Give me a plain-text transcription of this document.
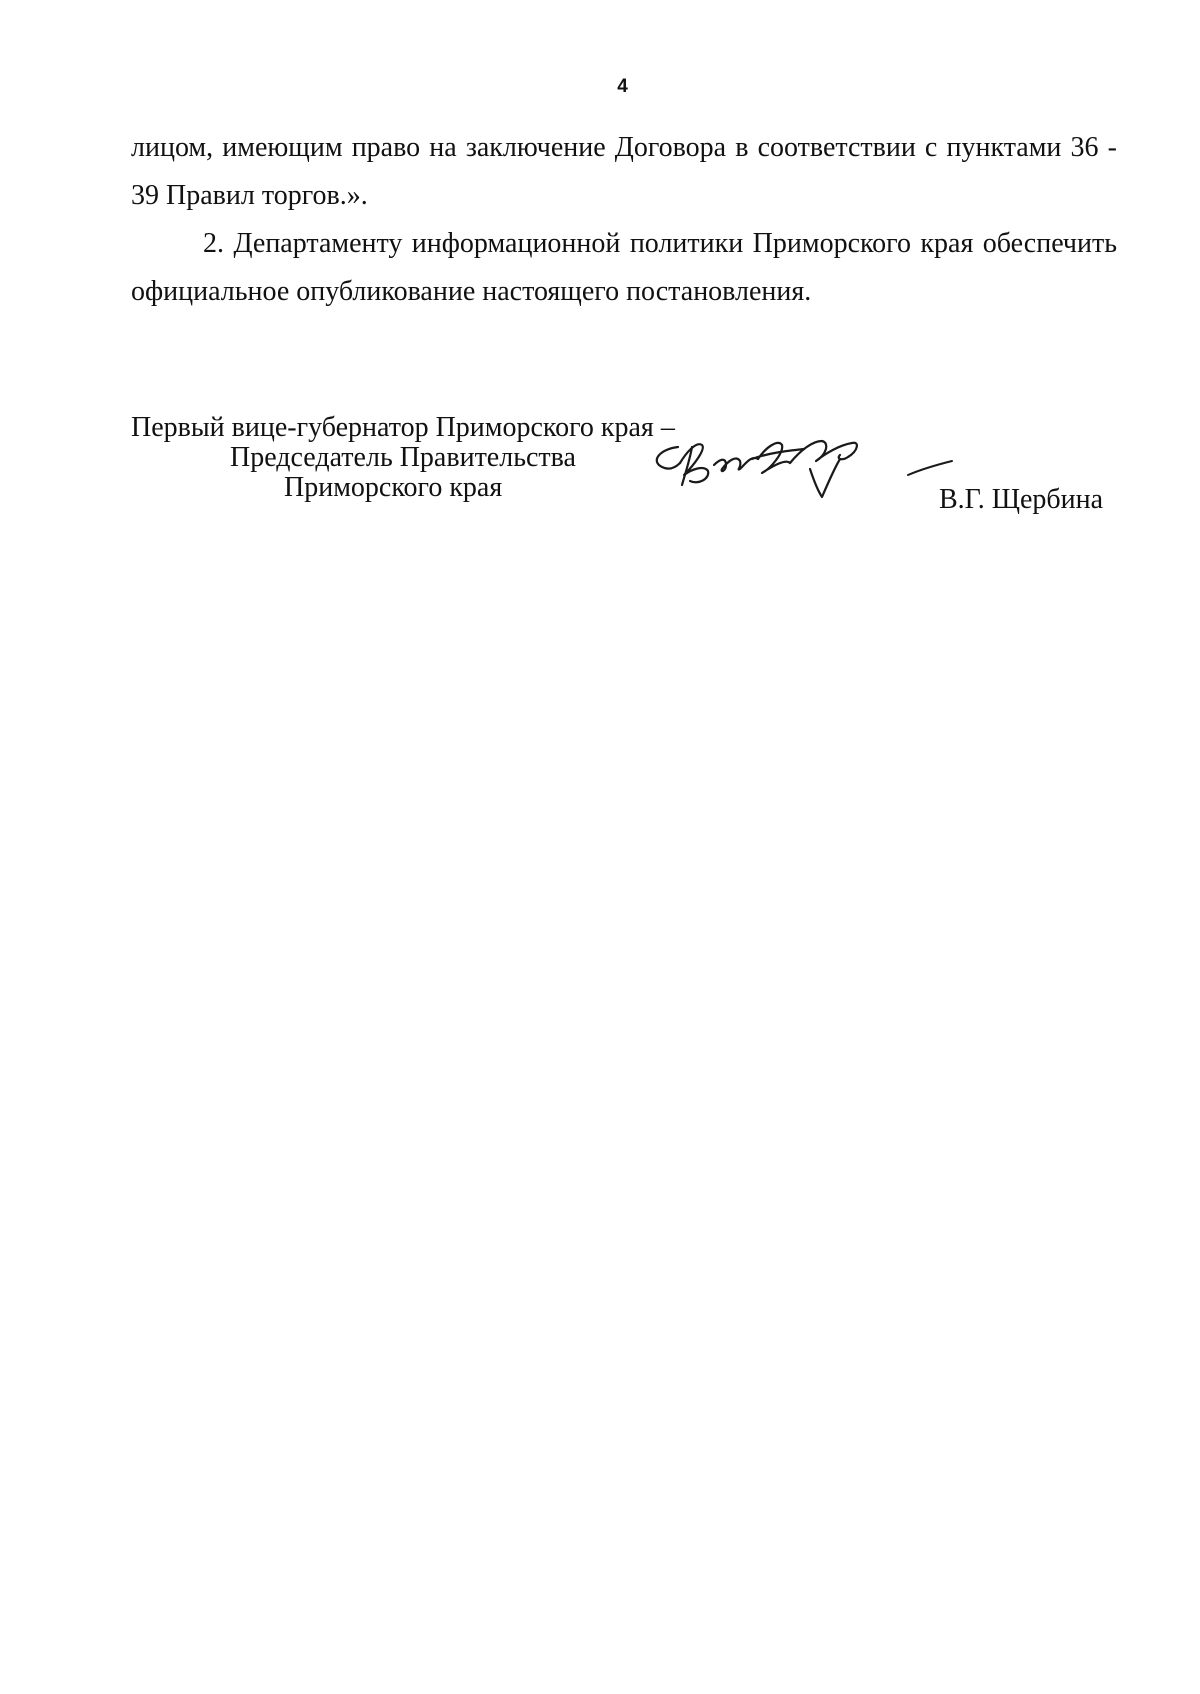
4

лицом, имеющим право на заключение Договора в соответствии с пунктами 36 - 39 Правил торгов.».

2. Департаменту информационной политики Приморского края обеспечить официальное опубликование настоящего постановления.

Первый вице-губернатор Приморского края –
Председатель Правительства
Приморского края	В.Г. Щербина
